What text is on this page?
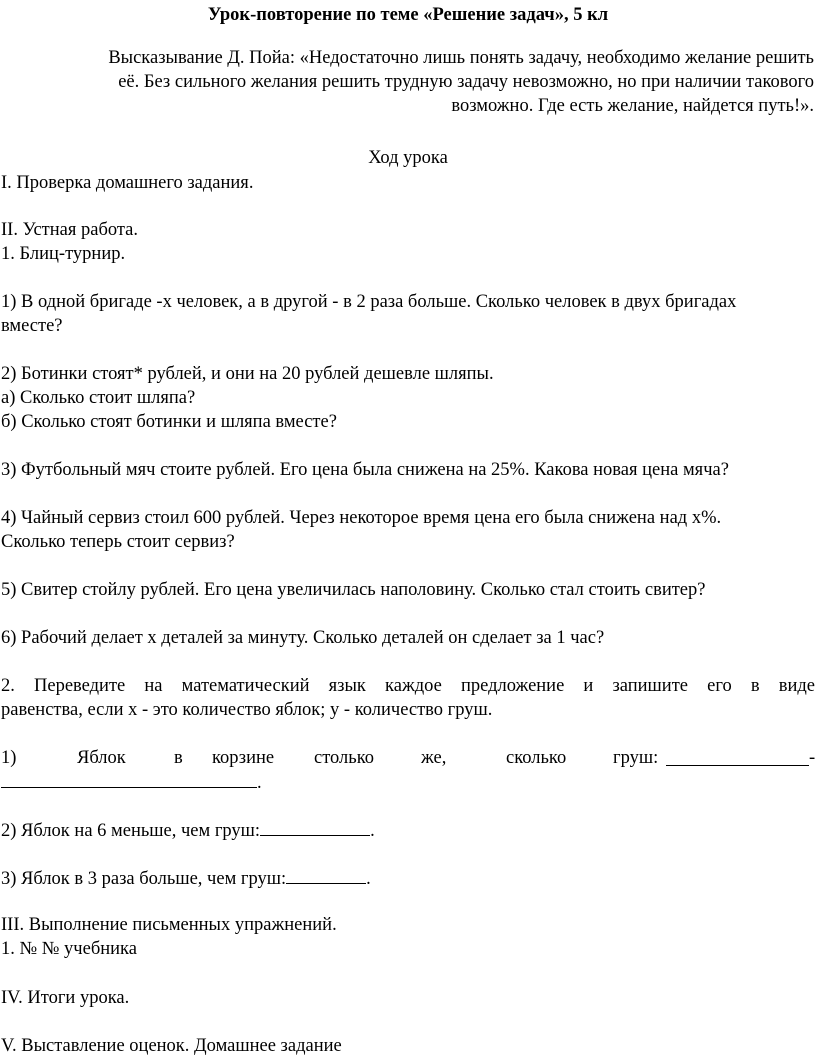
Урок-повторение по теме «Решение задач», 5 кл

Высказывание Д. Пойа: «Недостаточно лишь понять задачу, необходимо желание решить

её. Без сильного желания решить трудную задачу невозможно, но при наличии такового

возможно. Где есть желание, найдется путь!».

Ход урока
I. Проверка домашнего задания.
II. Устная работа.
1. Блиц-турнир.
1) В одной бригаде -х человек, а в другой - в 2 раза больше. Сколько человек в двух бригадах
вместе?
2) Ботинки стоят* рублей, и они на 20 рублей дешевле шляпы.
а) Сколько стоит шляпа?
б) Сколько стоят ботинки и шляпа вместе?
3) Футбольный мяч стоите рублей. Его цена была снижена на 25%. Какова новая цена мяча?
4) Чайный сервиз стоил 600 рублей. Через некоторое время цена его была снижена над x%.
Сколько теперь стоит сервиз?
5) Свитер стойлу рублей. Его цена увеличилась наполовину. Сколько стал стоить свитер?
6) Рабочий делает х деталей за минуту. Сколько деталей он сделает за 1 час?
2. Переведите на математический язык каждое предложение и запишите его в виде
равенства, если х - это количество яблок; у - количество груш.
1)	Яблок	в корзине столько	же,	сколько	груш:	-
.
2) Яблок на 6 меньше, чем груш:	.
3) Яблок в 3 раза больше, чем груш:	.
III. Выполнение письменных упражнений.
1. № № учебника
IV. Итоги урока.
V. Выставление оценок. Домашнее задание
